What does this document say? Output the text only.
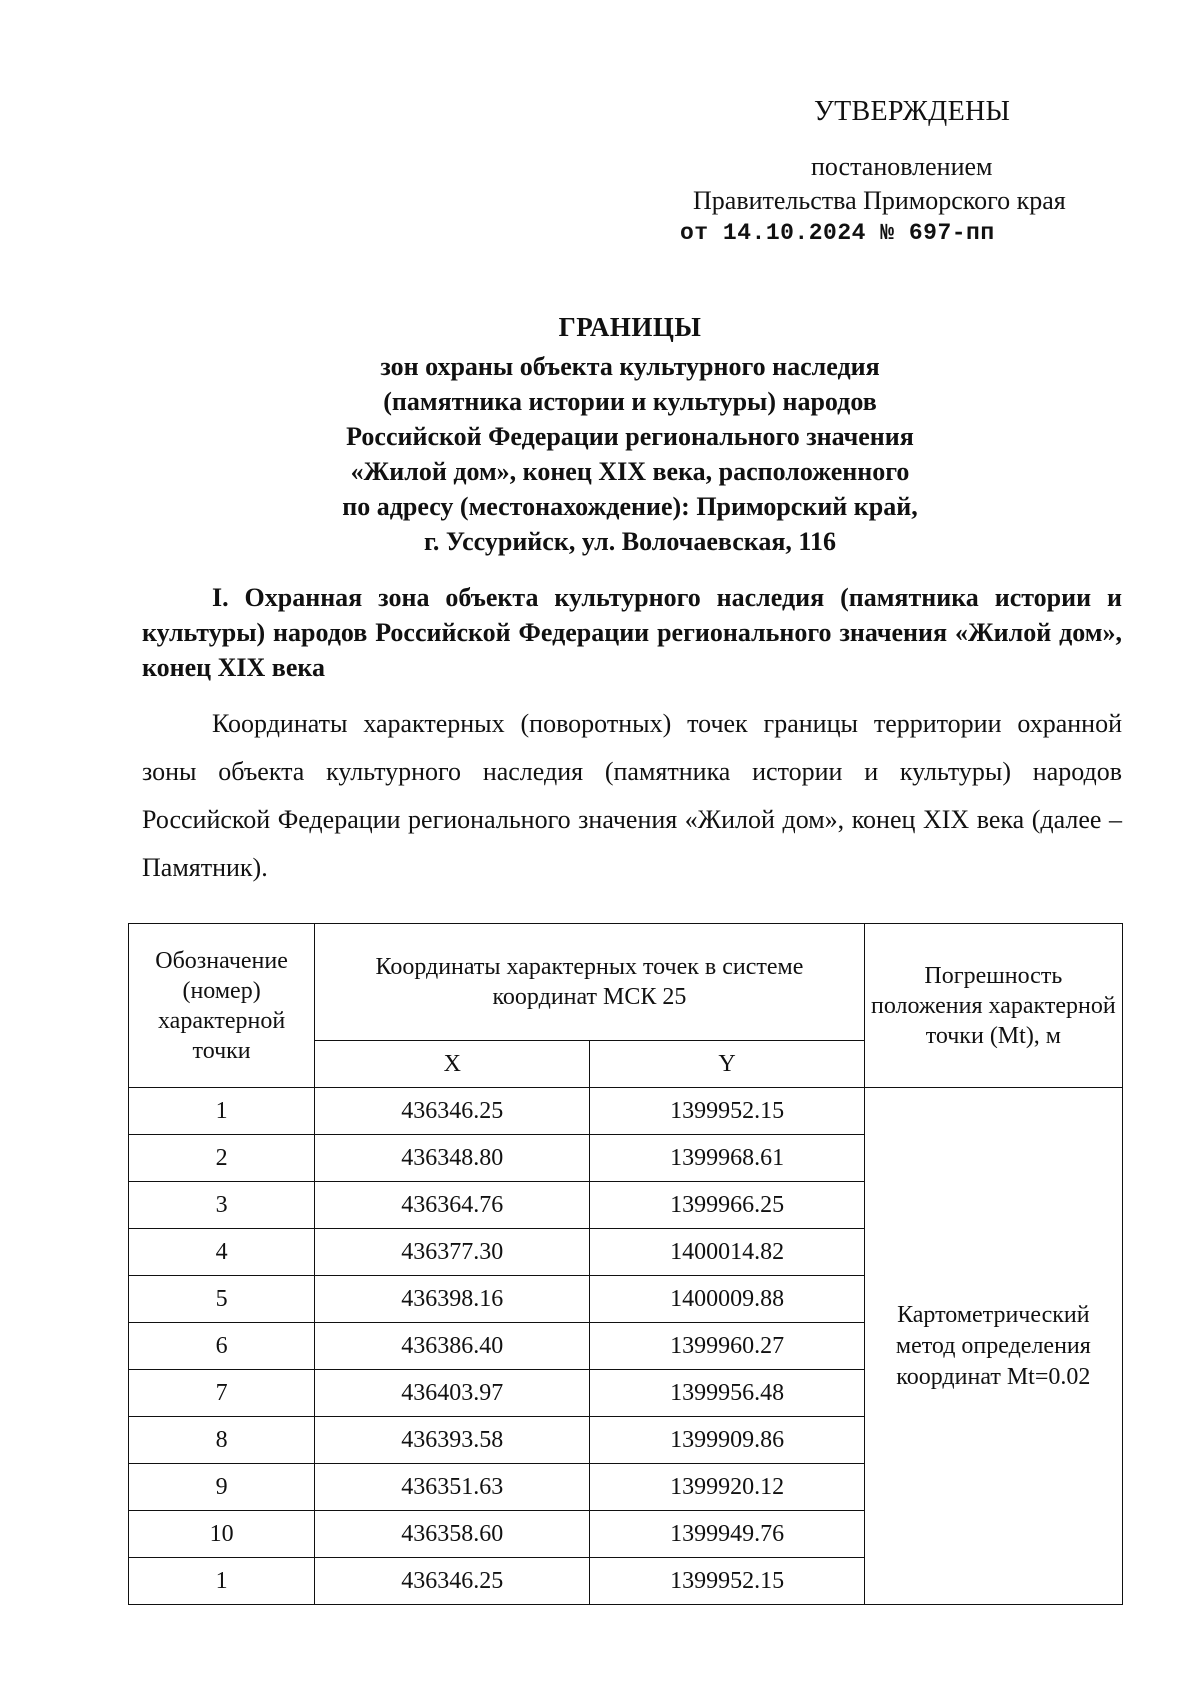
УТВЕРЖДЕНЫ
постановлением
Правительства Приморского края
от 14.10.2024 № 697-пп
ГРАНИЦЫ
зон охраны объекта культурного наследия
(памятника истории и культуры) народов
Российской Федерации регионального значения
«Жилой дом», конец XIX века, расположенного
по адресу (местонахождение): Приморский край,
г. Уссурийск, ул. Волочаевская, 116

I. Охранная зона объекта культурного наследия (памятника истории и культуры) народов Российской Федерации регионального значения «Жилой дом», конец XIX века

Координаты характерных (поворотных) точек границы территории охранной зоны объекта культурного наследия (памятника истории и культуры) народов Российской Федерации регионального значения «Жилой дом», конец XIX века (далее – Памятник).

Обозначение (номер) характерной точки	Координаты характерных точек в системе координат МСК 25		Погрешность положения характерной точки (Mt), м
	X	Y	
1	436346.25	1399952.15	Картометрический метод определения координат Mt=0.02
2	436348.80	1399968.61	
3	436364.76	1399966.25	
4	436377.30	1400014.82	
5	436398.16	1400009.88	
6	436386.40	1399960.27	
7	436403.97	1399956.48	
8	436393.58	1399909.86	
9	436351.63	1399920.12	
10	436358.60	1399949.76	
1	436346.25	1399952.15	
